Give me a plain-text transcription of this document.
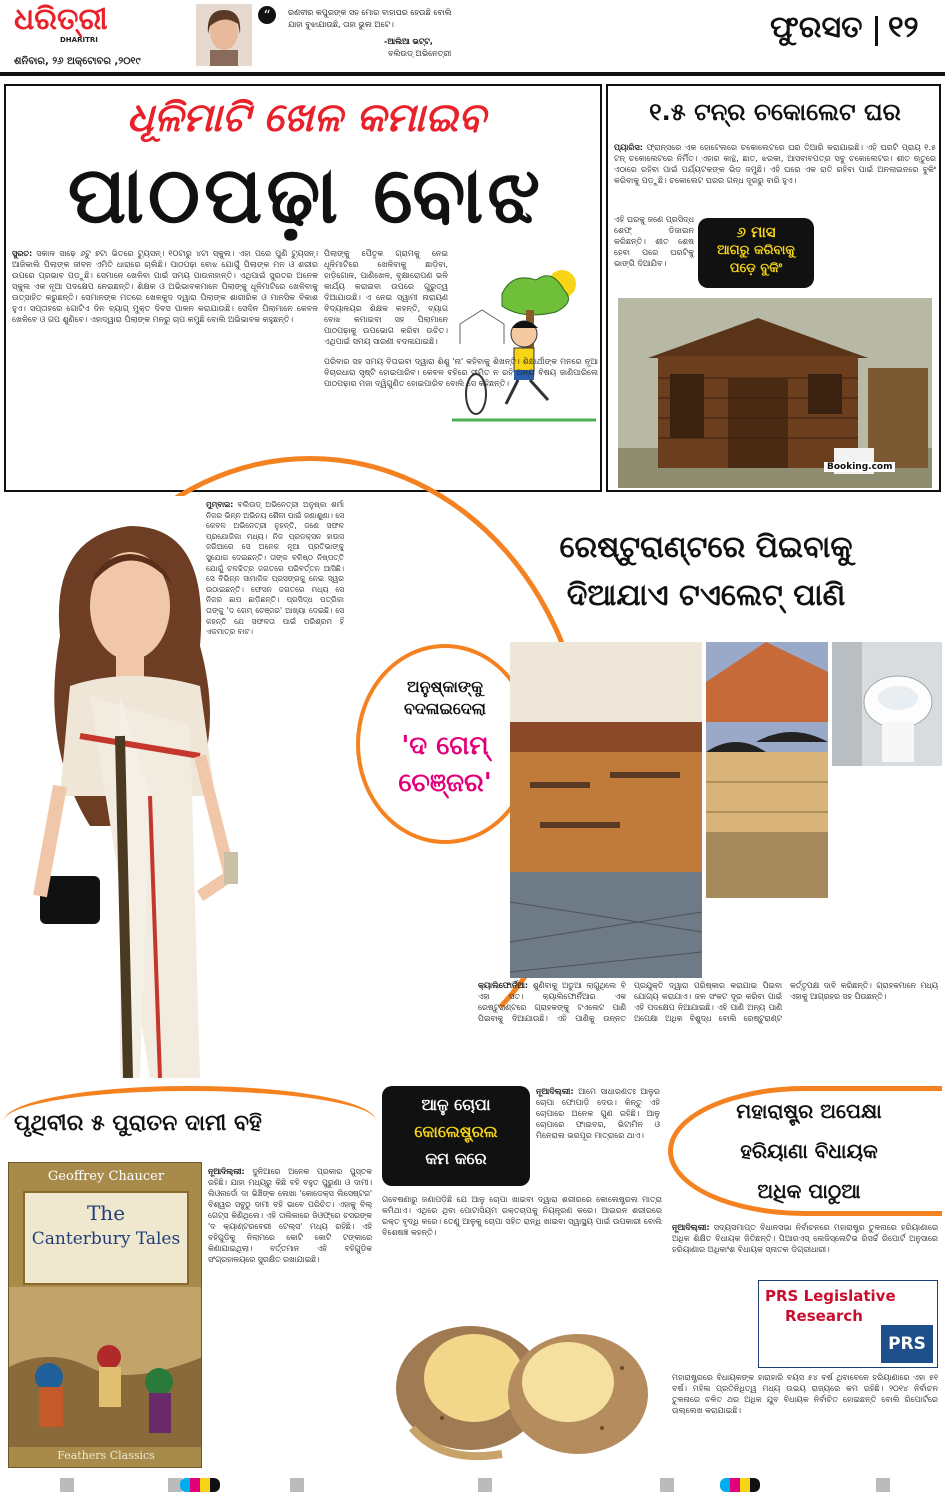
ଧରିତ୍ରୀ
DHARITRI
ଶନିବାର, ୨୬ ଅକ୍ଟୋବର ,୨୦୧୯
“	ରଣବୀର କପୁରଙ୍କ ସହ ମୋର ବାହାଘର ହେଉଛି ବୋଲି
ଯାହା ବୁଝାଯାଉଛି, ତାହା ଭୁଲ ଅଟେ।
-ଆଲିଆ ଭଟ୍ଟ,
ବଲିଉଡ୍ ଅଭିନେତ୍ରୀ
ଫୁରସତ ୧୨
ଧୂଳିମାଟି ଖେଳ କମାଇବ
ପାଠପଢ଼ା ବୋଝ
ସୁରତ: ସକାଳ ସାଢ଼େ ୬ଟୁ ୭ଟା ଭିତରେ ଟ୍ୟୁସନ୍। ୧୦ଟାରୁ ୪ଟା ସ୍କୁଲ। ଏହା ପରେ ପୁଣି ଟ୍ୟୁସନ୍। ଆଜିକାଲି ପିଲାଙ୍କ ଜୀବନ ଏମିତି ଧାରାରେ ଚାଲିଛି। ପାଠପଢ଼ା ବୋଝ ଯୋଗୁଁ ପିଲାଙ୍କ ମନ ଓ ଶରୀର ଉପରେ ପ୍ରଭାବ ପଡ଼ୁଛି। ସେମାନେ ଖେଳିବା ପାଇଁ ସମୟ ପାଉନାହାନ୍ତି। ଏଥିପାଇଁ ସୁରତର ଅନେକ ସ୍କୁଲ ଏକ ନୂଆ ପଦକ୍ଷେପ ନେଇଛନ୍ତି। ଶିକ୍ଷକ ଓ ଅଭିଭାବକମାନେ ପିଲାଙ୍କୁ ଧୂଳିମାଟିରେ ଖେଳିବାକୁ ଉତ୍ସାହିତ କରୁଛନ୍ତି। ସେମାନଙ୍କ ମତରେ ଖେଳକୁଦ ଦ୍ୱାରା ପିଲାଙ୍କ ଶାରୀରିକ ଓ ମାନସିକ ବିକାଶ ହୁଏ। ସପ୍ତାହରେ ଗୋଟିଏ ଦିନ ବ୍ୟାଗ୍ ମୁକ୍ତ ଦିବସ ପାଳନ କରାଯାଉଛି। ସେଦିନ ପିଲାମାନେ କେବଳ ଖେଳିବେ ଓ ଗପ ଶୁଣିବେ। ଏହାଦ୍ୱାରା ପିଲାଙ୍କ ମନରୁ ଚାପ କମୁଛି ବୋଲି ଅଭିଭାବକ କହୁଛନ୍ତି।
ପିଲାଙ୍କୁ ପୈତୃକ ଗ୍ରାମକୁ ନେଇ ଧୂଳିମାଟିରେ ଖେଳିବାକୁ ଛାଡ଼ିବା, ହାଡ଼ିଗୋଳ, ପାଣିଖେଳ, ବୃକ୍ଷାରୋପଣ ଭଳି କାର୍ଯ୍ୟ କରାଇବା ଉପରେ ଗୁରୁତ୍ୱ ଦିଆଯାଉଛି। ଏ ନେଇ ସ୍ୱାମୀ ନାରାୟଣ ବିଦ୍ୟାଳୟର ଶିକ୍ଷକ କହନ୍ତି, ବ୍ୟାଗ ବୋଝ କମାଇବା ସହ ପିଲାମାନେ ପାଠପଢ଼ାକୁ ଉପଭୋଗ କରିବା ଉଚିତ। ଏଥିପାଇଁ ସମୟ ସାରଣୀ ବଦଳାଯାଇଛି।
ପରିବାର ସହ ସମୟ ବିତାଇବା ଦ୍ୱାରା ଶିଶୁ 'ନା' କହିବାକୁ ଶିଖନ୍ତି। ଶିକ୍ଷାର୍ଥୀଙ୍କ ମନରେ ନୂଆ ବିଚାରଧାରା ସୃଷ୍ଟି ହୋଇପାରିବ। କେବଳ ବହିରେ ସୀମିତ ନ ରହି ଅନ୍ୟ ବିଷୟ ଜାଣିପାରିଲେ ପାଠପଢ଼ାର ମଜା ଦ୍ୱିଗୁଣିତ ହୋଇପାରିବ ବୋଲି ସେ କହିଛନ୍ତି।
୧.୫ ଟନ୍‌ର ଚକୋଲେଟ ଘର
ପ୍ୟାରିସ: ଫ୍ରାନ୍ସରେ ଏକ ହୋଟେଲରେ ଚକୋଲେଟରେ ଘର ତିଆରି କରାଯାଇଛି। ଏହି ଘରଟି ପ୍ରାୟ ୧.୫ ଟନ୍ ଚକୋଲେଟରେ ନିର୍ମିତ। ଏହାର କାନ୍ଥ, ଛାତ, ଝରକା, ଆସବାବପତ୍ର ସବୁ ଚକୋଲେଟର। ଶୀତ ଋତୁରେ ଏଠାରେ ରହିବା ପାଇଁ ପର୍ଯ୍ୟଟକଙ୍କ ଭିଡ଼ ଜମୁଛି। ଏହି ଘରେ ଏକ ରାତି ରହିବା ପାଇଁ ଅନଲାଇନରେ ବୁକିଂ କରିବାକୁ ପଡ଼ୁଛି। ଚକୋଲେଟ ଘରର ଗନ୍ଧ ଦୂରରୁ ବାରି ହୁଏ।
ଏହି ଘରକୁ ଜଣେ ପ୍ରସିଦ୍ଧ ଶେଫ୍ ଡିଜାଇନ କରିଛନ୍ତି। ଶୀତ ଶେଷ ହେବା ପରେ ଘରଟିକୁ ଭାଙ୍ଗି ଦିଆଯିବ।
୬ ମାସ
ଆଗରୁ କରିବାକୁ
ପଡ଼େ ବୁକିଂ
Booking.com
ମୁମ୍ବାଇ: ବଲିଉଡ୍ ଅଭିନେତ୍ରୀ ଅନୁଷ୍କା ଶର୍ମା ନିଜର ଭିନ୍ନ ଅଭିନୟ ଶୈଳୀ ପାଇଁ ଜଣାଶୁଣା। ସେ କେବଳ ଅଭିନେତ୍ରୀ ନୁହନ୍ତି, ଜଣେ ସଫଳ ପ୍ରଯୋଜିକା ମଧ୍ୟ। ନିଜ ପ୍ରଡକ୍ସନ ହାଉସ ଜରିଆରେ ସେ ଅନେକ ନୂଆ ପ୍ରତିଭାଙ୍କୁ ସୁଯୋଗ ଦେଇଛନ୍ତି। ତାଙ୍କ ବଳିଷ୍ଠ ନିଷ୍ପତ୍ତି ଯୋଗୁଁ ଚଳଚ୍ଚିତ୍ର ଜଗତରେ ପରିବର୍ତ୍ତନ ଆସିଛି। ସେ ବିଭିନ୍ନ ସାମାଜିକ ପ୍ରସଙ୍ଗକୁ ନେଇ ସ୍ୱର ଉଠାଇଛନ୍ତି। ଫେସନ ଜଗତରେ ମଧ୍ୟ ସେ ନିଜର ଛାପ ଛାଡ଼ିଛନ୍ତି। ପ୍ରସିଦ୍ଧ ପତ୍ରିକା ତାଙ୍କୁ 'ଦ ଗେମ୍ ଚେଞ୍ଜର' ଆଖ୍ୟା ଦେଇଛି। ସେ କହନ୍ତି ଯେ ସଫଳତା ପାଇଁ ପରିଶ୍ରମ ହିଁ ଏକମାତ୍ର ବାଟ।
ଅନୁଷ୍କାଙ୍କୁ
ବଦଳାଇଦେଲା
'ଦ ଗେମ୍
ଚେଞ୍ଜର'
ରେଷ୍ଟୁରାଣ୍ଟରେ ପିଇବାକୁ
ଦିଆଯାଏ ଟଏଲେଟ୍ ପାଣି
କ୍ୟାଲିଫୋର୍ନିଆ: ଶୁଣିବାକୁ ଅଡୁଆ ଲାଗୁଥିଲେ ବି ଏହା ସତ। କ୍ୟାଲିଫୋର୍ନିଆର ଏକ ରେଷ୍ଟୁରାଣ୍ଟରେ ଗ୍ରାହକଙ୍କୁ ଟଏଲେଟ ପାଣି ପିଇବାକୁ ଦିଆଯାଉଛି। ଏହି ପାଣିକୁ ଉନ୍ନତ ପ୍ରଯୁକ୍ତି ଦ୍ୱାରା ପରିଷ୍କାର କରାଯାଇ ପିଇବା ଯୋଗ୍ୟ କରାଯାଏ। ଜଳ ସଂକଟ ଦୂର କରିବା ପାଇଁ ଏହି ପଦକ୍ଷେପ ନିଆଯାଇଛି। ଏହି ପାଣି ଅନ୍ୟ ପାଣି ଅପେକ୍ଷା ଅଧିକ ବିଶୁଦ୍ଧ ବୋଲି ରେଷ୍ଟୁରାଣ୍ଟ କର୍ତ୍ତୃପକ୍ଷ ଦାବି କରିଛନ୍ତି। ଗ୍ରାହକମାନେ ମଧ୍ୟ ଏହାକୁ ଆଗ୍ରହର ସହ ପିଉଛନ୍ତି।
ପୃଥିବୀର ୫ ପୁରାତନ ଦାମୀ ବହି
Geoffrey Chaucer
The
Canterbury Tales
Feathers Classics
ନୂଆଦିଲ୍ଲୀ: ଦୁନିଆରେ ଅନେକ ପ୍ରକାର ପୁସ୍ତକ ରହିଛି। ଯାହା ମଧ୍ୟରୁ କିଛି ବହି ବହୁତ ପୁରୁଣା ଓ ଦାମୀ। ଲିଓନାର୍ଡୋ ଦା ଭିଞ୍ଚିଙ୍କ ଲେଖା 'କୋଡେକ୍ସ ଲିସେଷ୍ଟର' ବିଶ୍ୱର ସବୁଠୁ ଦାମୀ ବହି ଭାବେ ପରିଚିତ। ଏହାକୁ ବିଲ୍ ଗେଟ୍ସ କିଣିଥିଲେ। ଏହି ତାଲିକାରେ ଜିଓଫ୍ରେ ଚସରଙ୍କ 'ଦ କ୍ୟାଣ୍ଟରବେରୀ ଟେଲ୍ସ' ମଧ୍ୟ ରହିଛି। ଏହି ବହିଗୁଡ଼ିକୁ ନିଲାମରେ କୋଟି କୋଟି ଟଙ୍କାରେ କିଣାଯାଇଥିଲା। ବର୍ତ୍ତମାନ ଏହି ବହିଗୁଡ଼ିକ ସଂଗ୍ରହାଳୟରେ ସୁରକ୍ଷିତ ରଖାଯାଇଛି।
ଆଳୁ ଚୋପା
କୋଲେଷ୍ଟ୍ରଲ
କମ କରେ
ନୂଆଦିଲ୍ଲୀ: ଆମେ ସାଧାରଣତଃ ଆଳୁର ଚୋପା ଫୋପାଡ଼ି ଦେଉ। କିନ୍ତୁ ଏହି ଚୋପାରେ ଅନେକ ଗୁଣ ରହିଛି। ଆଳୁ ଚୋପାରେ ଫାଇବର, ଭିଟାମିନ ଓ ମିନେରାଲ ଭରପୂର ମାତ୍ରାରେ ଥାଏ।
ଗବେଷଣାରୁ ଜଣାପଡ଼ିଛି ଯେ ଆଳୁ ଚୋପା ଖାଇବା ଦ୍ୱାରା ଶରୀରରେ କୋଲେଷ୍ଟ୍ରଲ ମାତ୍ରା କମିଥାଏ। ଏଥିରେ ଥିବା ପୋଟାସିୟମ ରକ୍ତଚାପକୁ ନିୟନ୍ତ୍ରଣ କରେ। ଆଇରନ ଶରୀରରେ ରକ୍ତ ବୃଦ୍ଧି କରେ। ତେଣୁ ଆଳୁକୁ ଚୋପା ସହିତ ରାନ୍ଧି ଖାଇବା ସ୍ୱାସ୍ଥ୍ୟ ପାଇଁ ଉପକାରୀ ବୋଲି ବିଶେଷଜ୍ଞ କହନ୍ତି।
ମହାରାଷ୍ଟ୍ର ଅପେକ୍ଷା
ହରିୟାଣା ବିଧାୟକ
ଅଧିକ ପାଠୁଆ
ନୂଆଦିଲ୍ଲୀ: ସଦ୍ୟସମାପ୍ତ ବିଧାନସଭା ନିର୍ବାଚନରେ ମହାରାଷ୍ଟ୍ର ତୁଳନାରେ ହରିୟାଣାରେ ଅଧିକ ଶିକ୍ଷିତ ବିଧାୟକ ଜିତିଛନ୍ତି। ପିଆରଏସ୍ ଲେଜିସ୍ଲେଟିଭ ରିସର୍ଚ୍ଚ ରିପୋର୍ଟ ଅନୁସାରେ ହରିୟାଣାର ଅଧିକାଂଶ ବିଧାୟକ ସ୍ନାତକ ଡିଗ୍ରୀଧାରୀ।
PRS Legislative
Research
PRS
ମହାରାଷ୍ଟ୍ରରେ ବିଧାୟକଙ୍କ ହାରାହାରି ବୟସ ୫୪ ବର୍ଷ ଥିବାବେଳେ ହରିୟାଣାରେ ଏହା ୫୧ ବର୍ଷ। ମହିଳା ପ୍ରତିନିଧିତ୍ୱ ମଧ୍ୟ ଉଭୟ ରାଜ୍ୟରେ କମ ରହିଛି। ୨୦୧୪ ନିର୍ବାଚନ ତୁଳନାରେ ଚଳିତ ଥର ଅଧିକ ଯୁବ ବିଧାୟକ ନିର୍ବାଚିତ ହୋଇଛନ୍ତି ବୋଲି ରିପୋର୍ଟରେ ଉଲ୍ଲେଖ କରାଯାଇଛି।
